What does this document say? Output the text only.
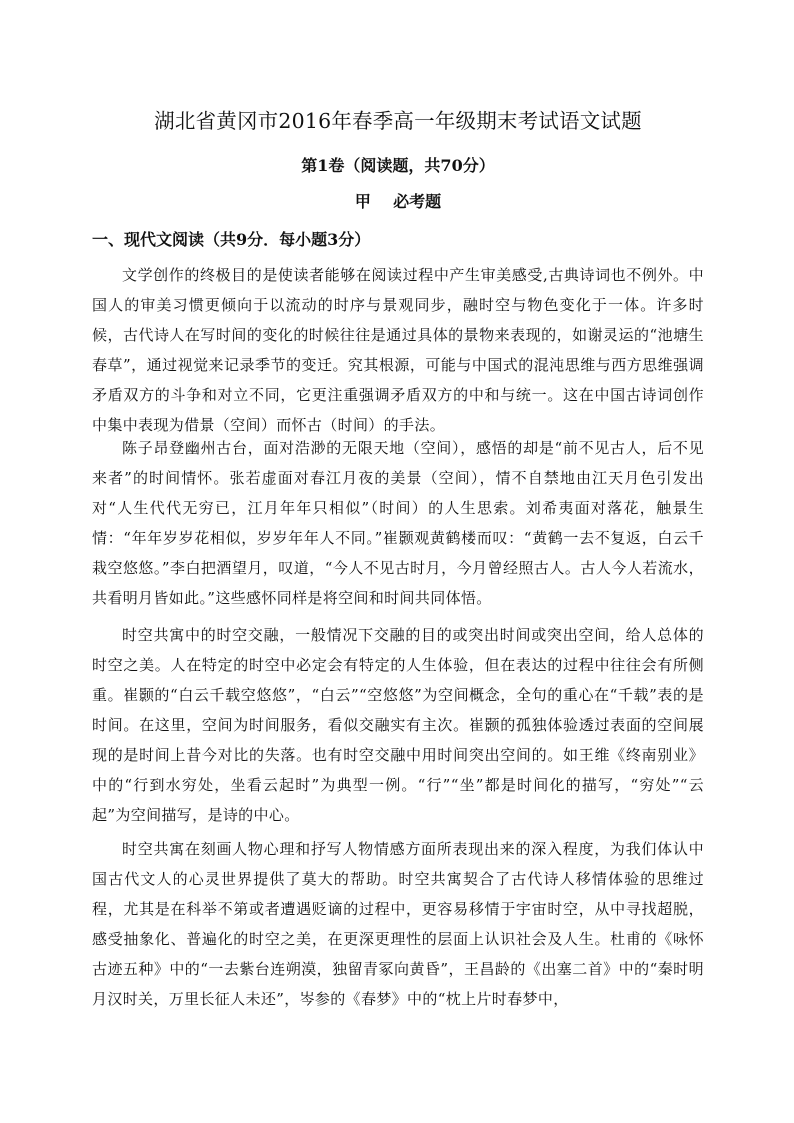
湖北省黄冈市2016年春季高一年级期末考试语文试题
第1卷（阅读题，共70分）
甲    必考题
一、现代文阅读（共9分．每小题3分）

文学创作的终极目的是使读者能够在阅读过程中产生审美感受,古典诗词也不例外。中国人的审美习惯更倾向于以流动的时序与景观同步，融时空与物色变化于一体。许多时候，古代诗人在写时间的变化的时候往往是通过具体的景物来表现的，如谢灵运的“池塘生春草”，通过视觉来记录季节的变迁。究其根源，可能与中国式的混沌思维与西方思维强调矛盾双方的斗争和对立不同，它更注重强调矛盾双方的中和与统一。这在中国古诗词创作中集中表现为借景（空间）而怀古（时间）的手法。

陈子昂登幽州古台，面对浩渺的无限天地（空间），感悟的却是“前不见古人，后不见来者”的时间情怀。张若虚面对春江月夜的美景（空间），情不自禁地由江天月色引发出对“人生代代无穷已，江月年年只相似”（时间）的人生思索。刘希夷面对落花，触景生情：“年年岁岁花相似，岁岁年年人不同。”崔颢观黄鹤楼而叹：“黄鹤一去不复返，白云千栽空悠悠。”李白把酒望月，叹道，“今人不见古时月，今月曾经照古人。古人今人若流水，共看明月皆如此。”这些感怀同样是将空间和时间共同体悟。

时空共寓中的时空交融，一般情况下交融的目的或突出时间或突出空间，给人总体的时空之美。人在特定的时空中必定会有特定的人生体验，但在表达的过程中往往会有所侧重。崔颢的“白云千载空悠悠”，“白云”“空悠悠”为空间概念，全句的重心在“千载”表的是时间。在这里，空间为时间服务，看似交融实有主次。崔颢的孤独体验透过表面的空间展现的是时间上昔今对比的失落。也有时空交融中用时间突出空间的。如王维《终南别业》中的“行到水穷处，坐看云起时”为典型一例。“行”“坐”都是时间化的描写，“穷处”“云起”为空间描写，是诗的中心。

时空共寓在刻画人物心理和抒写人物情感方面所表现出来的深入程度，为我们体认中国古代文人的心灵世界提供了莫大的帮助。时空共寓契合了古代诗人移情体验的思维过程，尤其是在科举不第或者遭遇贬谪的过程中，更容易移情于宇宙时空，从中寻找超脱，感受抽象化、普遍化的时空之美，在更深更理性的层面上认识社会及人生。杜甫的《咏怀古迹五种》中的“一去紫台连朔漠，独留青冢向黄昏”，王昌龄的《出塞二首》中的“秦时明月汉时关，万里长征人未还”，岑参的《春梦》中的“枕上片时春梦中，
